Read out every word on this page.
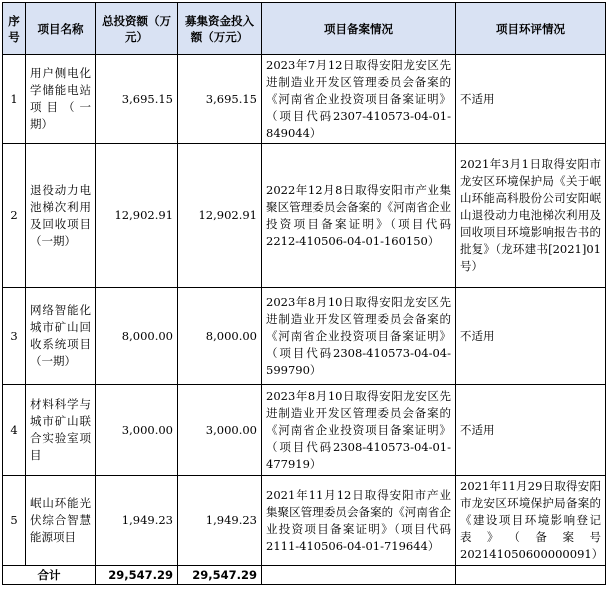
序号	项目名称	总投资额（万元）	募集资金投入额（万元）	项目备案情况	项目环评情况
1	用户侧电化学储能电站项目（一期）	3,695.15	3,695.15	2023年7月12日取得安阳龙安区先进制造业开发区管理委员会备案的《河南省企业投资项目备案证明》（项目代码2307-410573-04-01-849044）	不适用
2	退役动力电池梯次利用及回收项目（一期）	12,902.91	12,902.91	2022年12月8日取得安阳市产业集聚区管理委员会备案的《河南省企业投资项目备案证明》（项目代码2212-410506-04-01-160150）	2021年3月1日取得安阳市龙安区环境保护局《关于岷山环能高科股份公司安阳岷山退役动力电池梯次利用及回收项目环境影响报告书的批复》（龙环建书[2021]01号）
3	网络智能化城市矿山回收系统项目（一期）	8,000.00	8,000.00	2023年8月10日取得安阳龙安区先进制造业开发区管理委员会备案的《河南省企业投资项目备案证明》（项目代码2308-410573-04-04-599790）	不适用
4	材料科学与城市矿山联合实验室项目	3,000.00	3,000.00	2023年8月10日取得安阳龙安区先进制造业开发区管理委员会备案的《河南省企业投资项目备案证明》（项目代码2308-410573-04-01-477919）	不适用
5	岷山环能光伏综合智慧能源项目	1,949.23	1,949.23	2021年11月12日取得安阳市产业集聚区管理委员会备案的《河南省企业投资项目备案证明》（项目代码2111-410506-04-01-719644）	2021年11月29日取得安阳市龙安区环境保护局备案的《建设项目环境影响登记表》（备案号202141050600000091）
合计		29,547.29	29,547.29		
